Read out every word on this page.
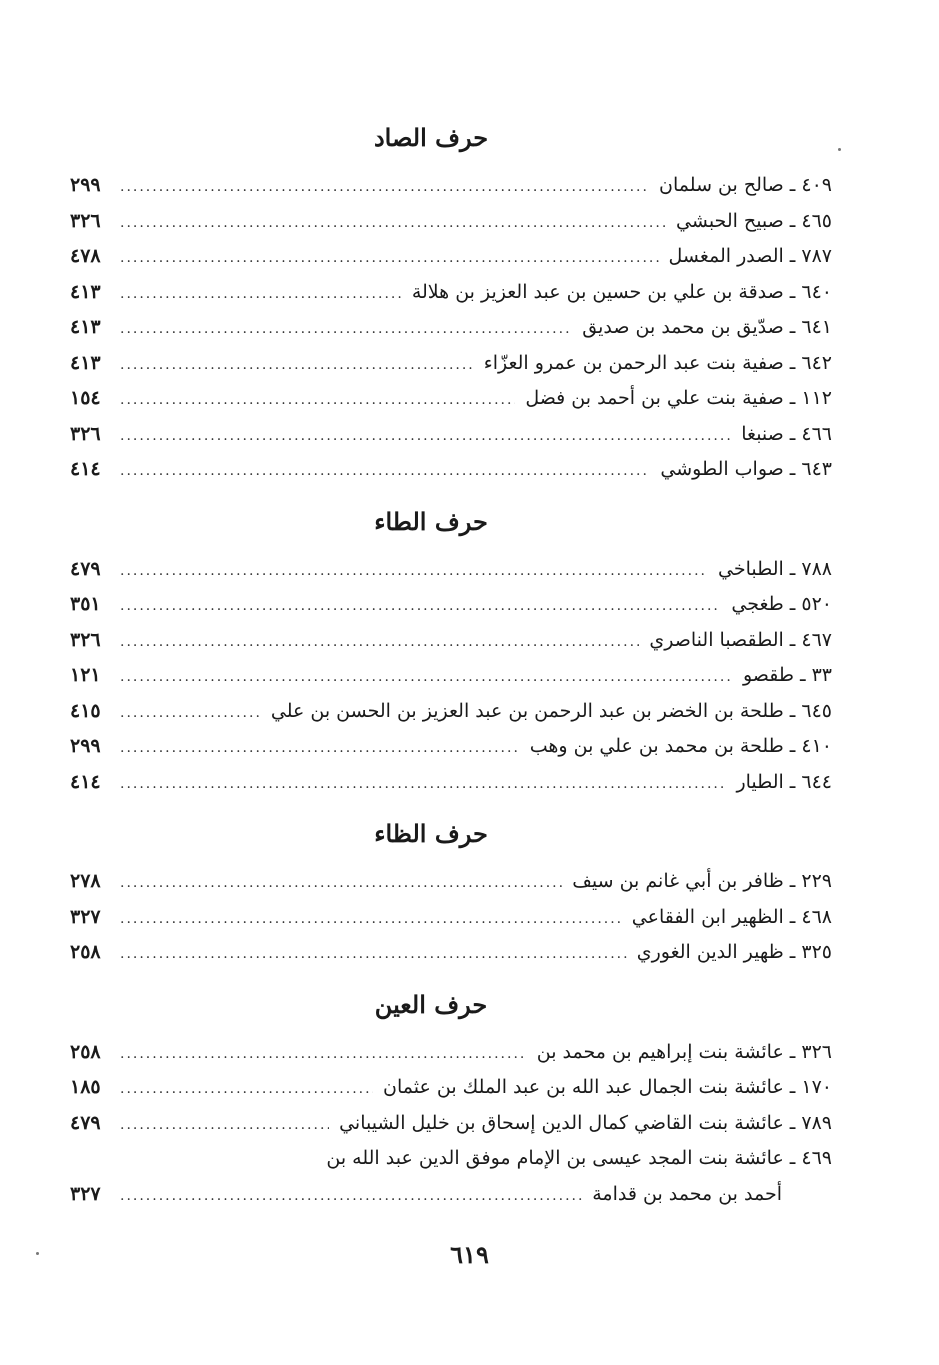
حرف الصاد
٤٠٩
ـ
صالح بن سلمان
.....
٢٩٩
٤٦٥
ـ
صبيح الحبشي
.....
٣٢٦
٧٨٧
ـ
الصدر المغسل
.....
٤٧٨
٦٤٠
ـ
صدقة بن علي بن حسين بن عبد العزيز بن هلالة
.....
٤١٣
٦٤١
ـ
صدّيق بن محمد بن صديق
.....
٤١٣
٦٤٢
ـ
صفية بنت عبد الرحمن بن عمرو العزّاء
.....
٤١٣
١١٢
ـ
صفية بنت علي بن أحمد بن فضل
.....
١٥٤
٤٦٦
ـ
صنبغا
.....
٣٢٦
٦٤٣
ـ
صواب الطوشي
.....
٤١٤
حرف الطاء
٧٨٨
ـ
الطباخي
.....
٤٧٩
٥٢٠
ـ
طغجي
.....
٣٥١
٤٦٧
ـ
الطقصبا الناصري
.....
٣٢٦
٣٣
ـ
طقصو
.....
١٢١
٦٤٥
ـ
طلحة بن الخضر بن عبد الرحمن بن عبد العزيز بن الحسن بن علي
.....
٤١٥
٤١٠
ـ
طلحة بن محمد بن علي بن وهب
.....
٢٩٩
٦٤٤
ـ
الطيار
.....
٤١٤
حرف الظاء
٢٢٩
ـ
ظافر بن أبي غانم بن سيف
.....
٢٧٨
٤٦٨
ـ
الظهير ابن الفقاعي
.....
٣٢٧
٣٢٥
ـ
ظهير الدين الغوري
.....
٢٥٨
حرف العين
٣٢٦
ـ
عائشة بنت إبراهيم بن محمد بن
.....
٢٥٨
١٧٠
ـ
عائشة بنت الجمال عبد الله بن عبد الملك بن عثمان
.....
١٨٥
٧٨٩
ـ
عائشة بنت القاضي كمال الدين إسحاق بن خليل الشيباني
.....
٤٧٩
٤٦٩
ـ
عائشة بنت المجد عيسى بن الإمام موفق الدين عبد الله بن
أحمد بن محمد بن قدامة
.....
٣٢٧
٦١٩
